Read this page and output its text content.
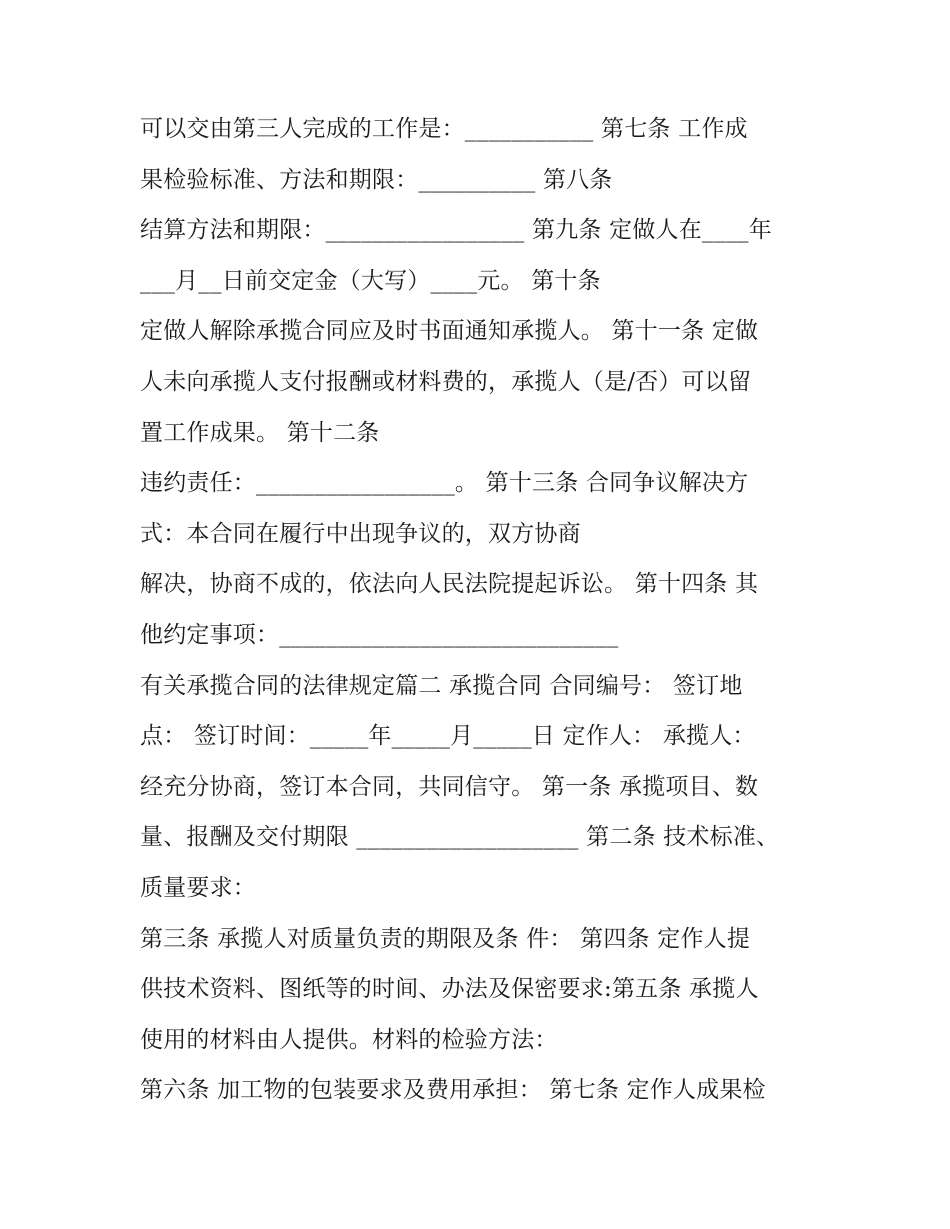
可以交由第三人完成的工作是：___________ 第七条 工作成
果检验标准、方法和期限：__________ 第八条
结算方法和期限：_________________ 第九条 定做人在____年
___月__日前交定金（大写）____元。 第十条
定做人解除承揽合同应及时书面通知承揽人。 第十一条 定做
人未向承揽人支付报酬或材料费的，承揽人（是/否）可以留
置工作成果。 第十二条
违约责任：_________________。 第十三条 合同争议解决方
式：本合同在履行中出现争议的，双方协商
解决，协商不成的，依法向人民法院提起诉讼。 第十四条 其
他约定事项：_____________________________
有关承揽合同的法律规定篇二 承揽合同 合同编号： 签订地
点： 签订时间：_____年_____月_____日 定作人： 承揽人：
经充分协商，签订本合同，共同信守。 第一条 承揽项目、数
量、报酬及交付期限 ___________________ 第二条 技术标准、
质量要求：
第三条 承揽人对质量负责的期限及条 件： 第四条 定作人提
供技术资料、图纸等的时间、办法及保密要求:第五条 承揽人
使用的材料由人提供。材料的检验方法：
第六条 加工物的包装要求及费用承担： 第七条 定作人成果检
